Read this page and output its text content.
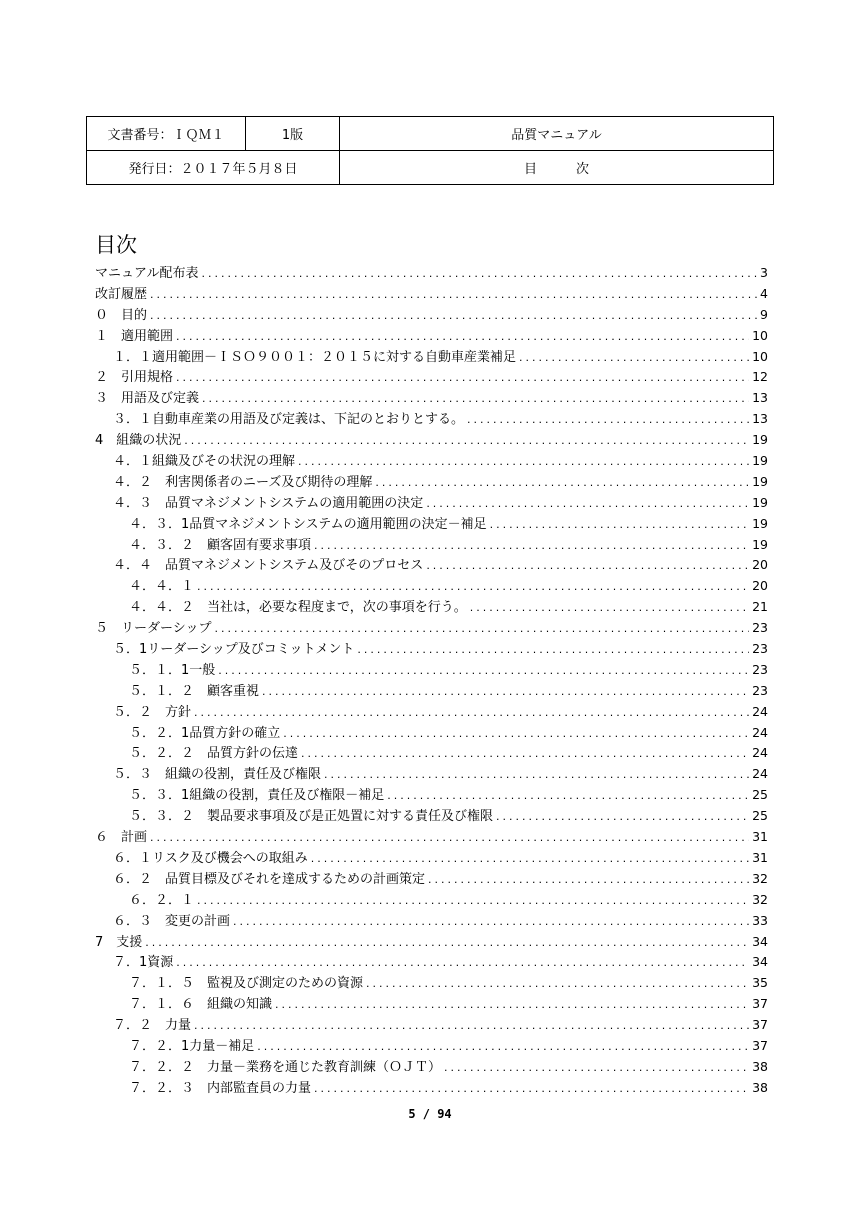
文書番号：ＩＱＭ１	1版	品質マニュアル
発行日：２０１７年５月８日		目　　　次
目次
マニュアル配布表 .....	3
改訂履歴 .....	4
０　目的 .....	9
１　適用範囲 .....	10
１．１適用範囲－ＩＳＯ９００１：２０１５に対する自動車産業補足 .....	10
２　引用規格 .....	12
３　用語及び定義 .....	13
３．１自動車産業の用語及び定義は、下記のとおりとする。 .....	13
4　組織の状況 .....	19
４．１組織及びその状況の理解 .....	19
４．２　利害関係者のニーズ及び期待の理解 .....	19
４．３　品質マネジメントシステムの適用範囲の決定 .....	19
４．３．1品質マネジメントシステムの適用範囲の決定－補足 .....	19
４．３．２　顧客固有要求事項 .....	19
４．４　品質マネジメントシステム及びそのプロセス .....	20
４．４．１ .....	20
４．４．２　当社は，必要な程度まで，次の事項を行う。 .....	21
５　リーダーシップ .....	23
５．1リーダーシップ及びコミットメント .....	23
５．１．1一般 .....	23
５．１．２　顧客重視 .....	23
５．２　方針 .....	24
５．２．1品質方針の確立 .....	24
５．２．２　品質方針の伝達 .....	24
５．３　組織の役割，責任及び権限 .....	24
５．３．1組織の役割，責任及び権限－補足 .....	25
５．３．２　製品要求事項及び是正処置に対する責任及び権限 .....	25
６　計画 .....	31
６．１リスク及び機会への取組み .....	31
６．２　品質目標及びそれを達成するための計画策定 .....	32
６．２．１ .....	32
６．３　変更の計画 .....	33
7　支援 .....	34
７．1資源 .....	34
７．１．５　監視及び測定のための資源 .....	35
７．１．６　組織の知識 .....	37
７．２　力量 .....	37
７．２．1力量－補足 .....	37
７．２．２　力量－業務を通じた教育訓練（ＯＪＴ） .....	38
７．２．３　内部監査員の力量 .....	38
5 / 94
